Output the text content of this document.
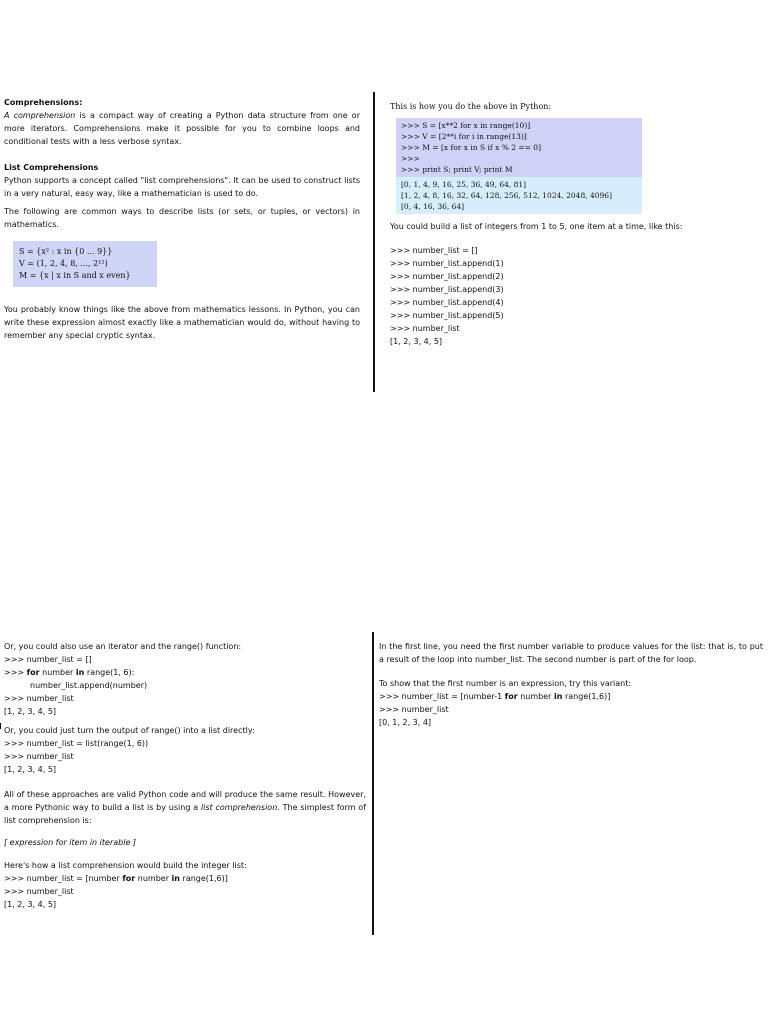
Comprehensions:

A comprehension is a compact way of creating a Python data structure from one or more iterators. Comprehensions make it possible for you to combine loops and conditional tests with a less verbose syntax.

List Comprehensions

Python supports a concept called "list comprehensions". It can be used to construct lists in a very natural, easy way, like a mathematician is used to do.

The following are common ways to describe lists (or sets, or tuples, or vectors) in mathematics.

S = {x² : x in {0 ... 9}}
V = (1, 2, 4, 8, ..., 2¹²)
M = {x | x in S and x even}

You probably know things like the above from mathematics lessons. In Python, you can write these expression almost exactly like a mathematician would do, without having to remember any special cryptic syntax.

This is how you do the above in Python:

>>> S = [x**2 for x in range(10)]
>>> V = [2**i for i in range(13)]
>>> M = [x for x in S if x % 2 == 0]
>>>
>>> print S; print V; print M
[0, 1, 4, 9, 16, 25, 36, 49, 64, 81]
[1, 2, 4, 8, 16, 32, 64, 128, 256, 512, 1024, 2048, 4096]
[0, 4, 16, 36, 64]

You could build a list of integers from 1 to 5, one item at a time, like this:

>>> number_list = []

>>> number_list.append(1)

>>> number_list.append(2)

>>> number_list.append(3)

>>> number_list.append(4)

>>> number_list.append(5)

>>> number_list

[1, 2, 3, 4, 5]

Or, you could also use an iterator and the range() function:

>>> number_list = []

>>> for number in range(1, 6):

number_list.append(number)

>>> number_list

[1, 2, 3, 4, 5]

Or, you could just turn the output of range() into a list directly:

>>> number_list = list(range(1, 6))

>>> number_list

[1, 2, 3, 4, 5]

All of these approaches are valid Python code and will produce the same result. However, a more Pythonic way to build a list is by using a list comprehension. The simplest form of list comprehension is:

[ expression for item in iterable ]

Here's how a list comprehension would build the integer list:

>>> number_list = [number for number in range(1,6)]

>>> number_list

[1, 2, 3, 4, 5]

In the first line, you need the first number variable to produce values for the list: that is, to put a result of the loop into number_list. The second number is part of the for loop.

To show that the first number is an expression, try this variant:

>>> number_list = [number-1 for number in range(1,6)]

>>> number_list

[0, 1, 2, 3, 4]
